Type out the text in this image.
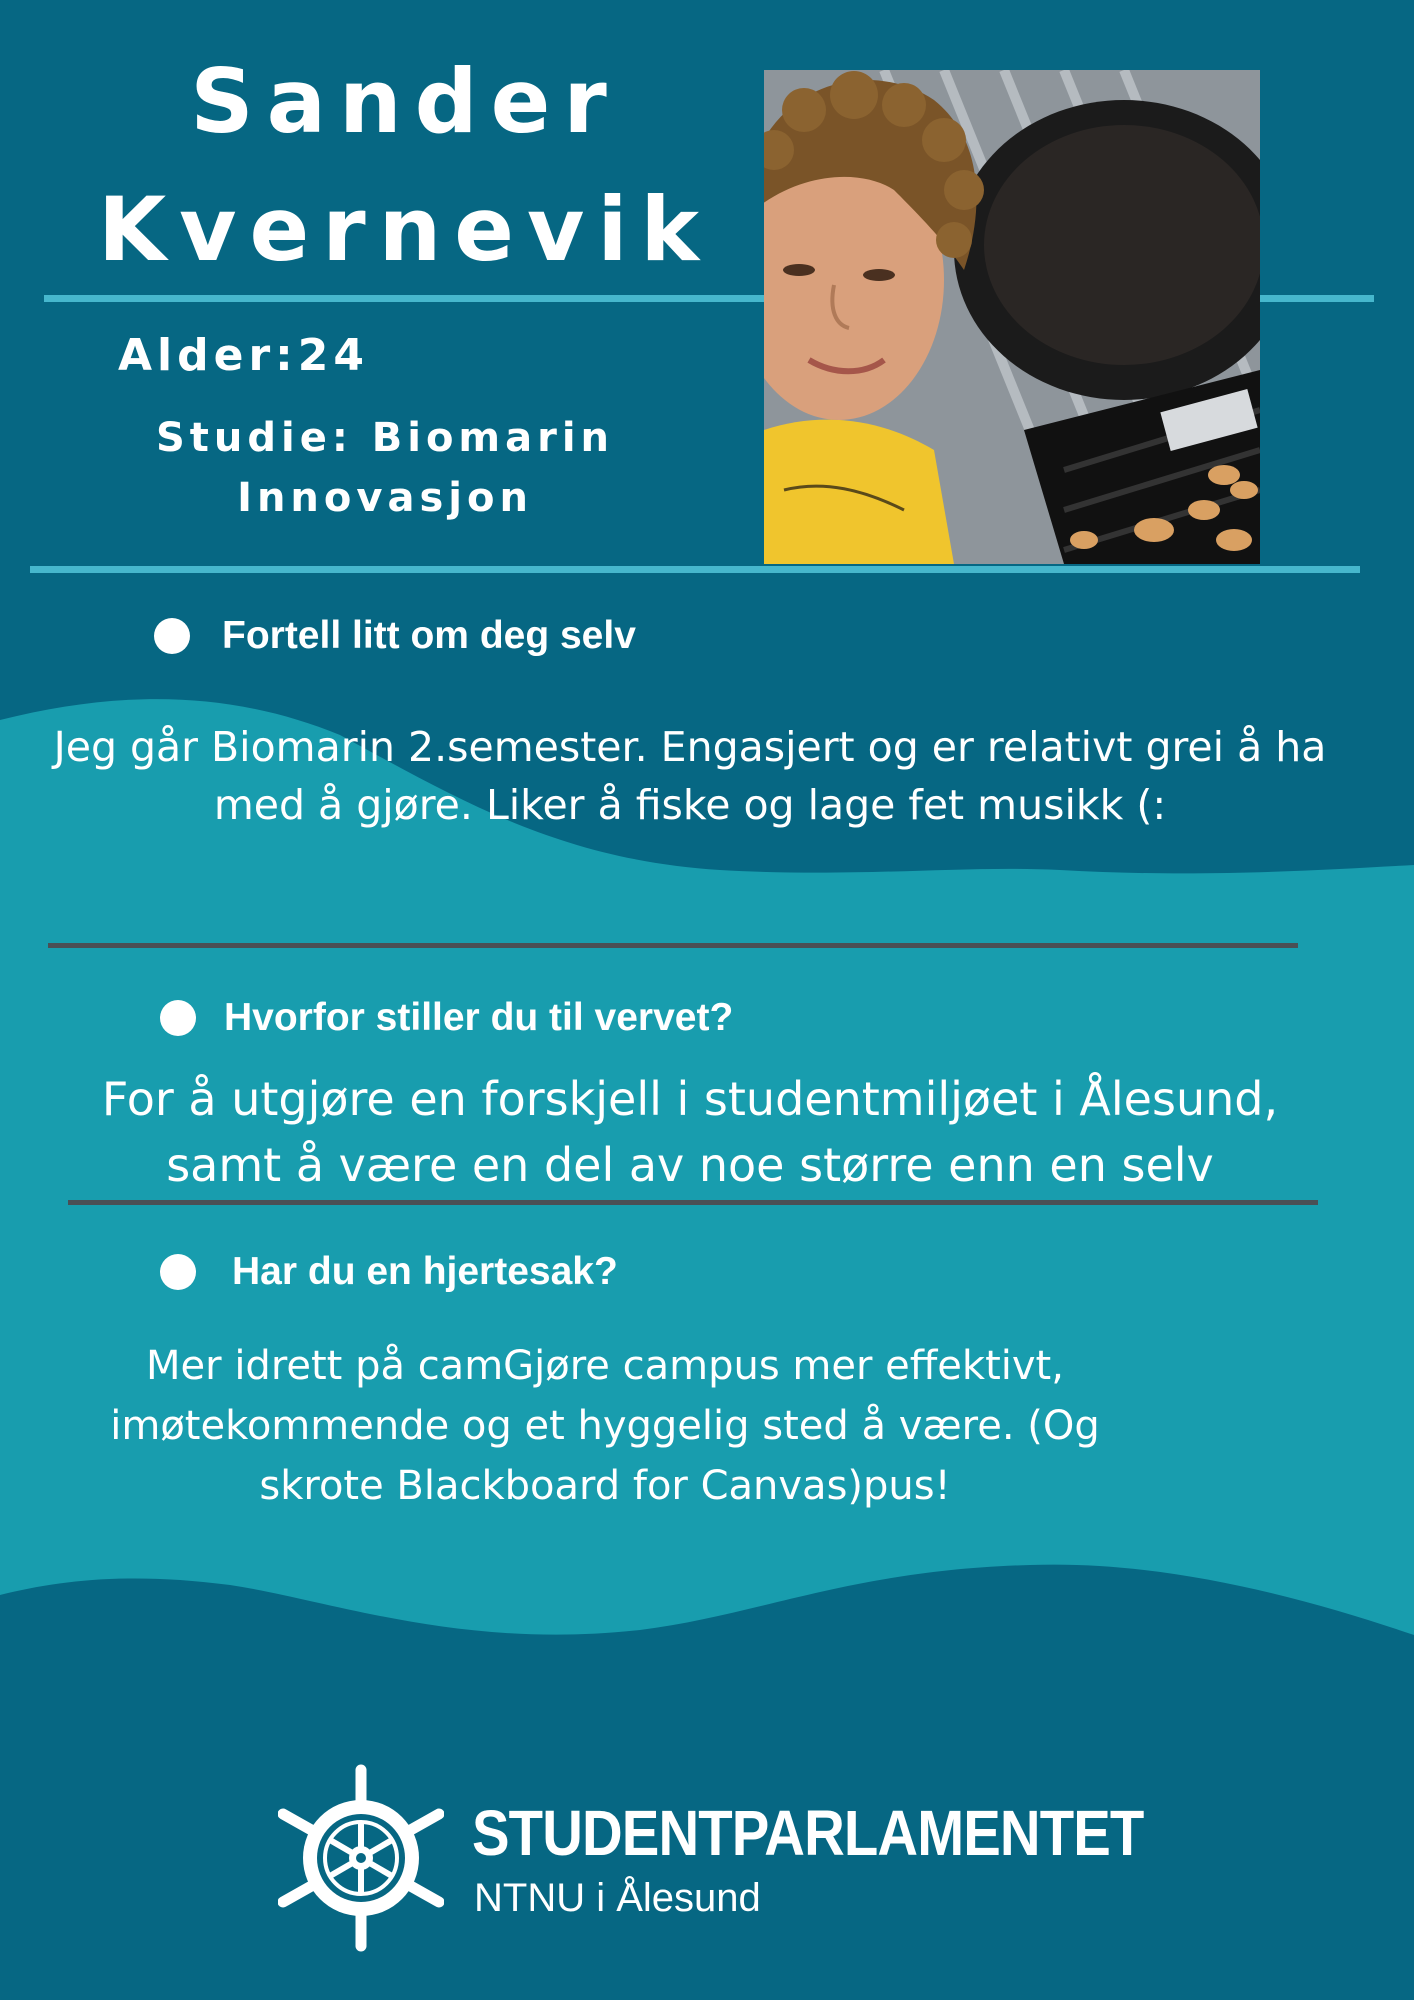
Sander
Kvernevik
Alder:24
Studie: Biomarin
Innovasjon
Fortell litt om deg selv
Jeg går Biomarin 2.semester. Engasjert og er relativt grei å ha
med å gjøre. Liker å fiske og lage fet musikk (:
Hvorfor stiller du til vervet?
For å utgjøre en forskjell i studentmiljøet i Ålesund,
samt å være en del av noe større enn en selv
Har du en hjertesak?
Mer idrett på camGjøre campus mer effektivt,
imøtekommende og et hyggelig sted å være. (Og
skrote Blackboard for Canvas)pus!
STUDENTPARLAMENTET
NTNU i Ålesund
